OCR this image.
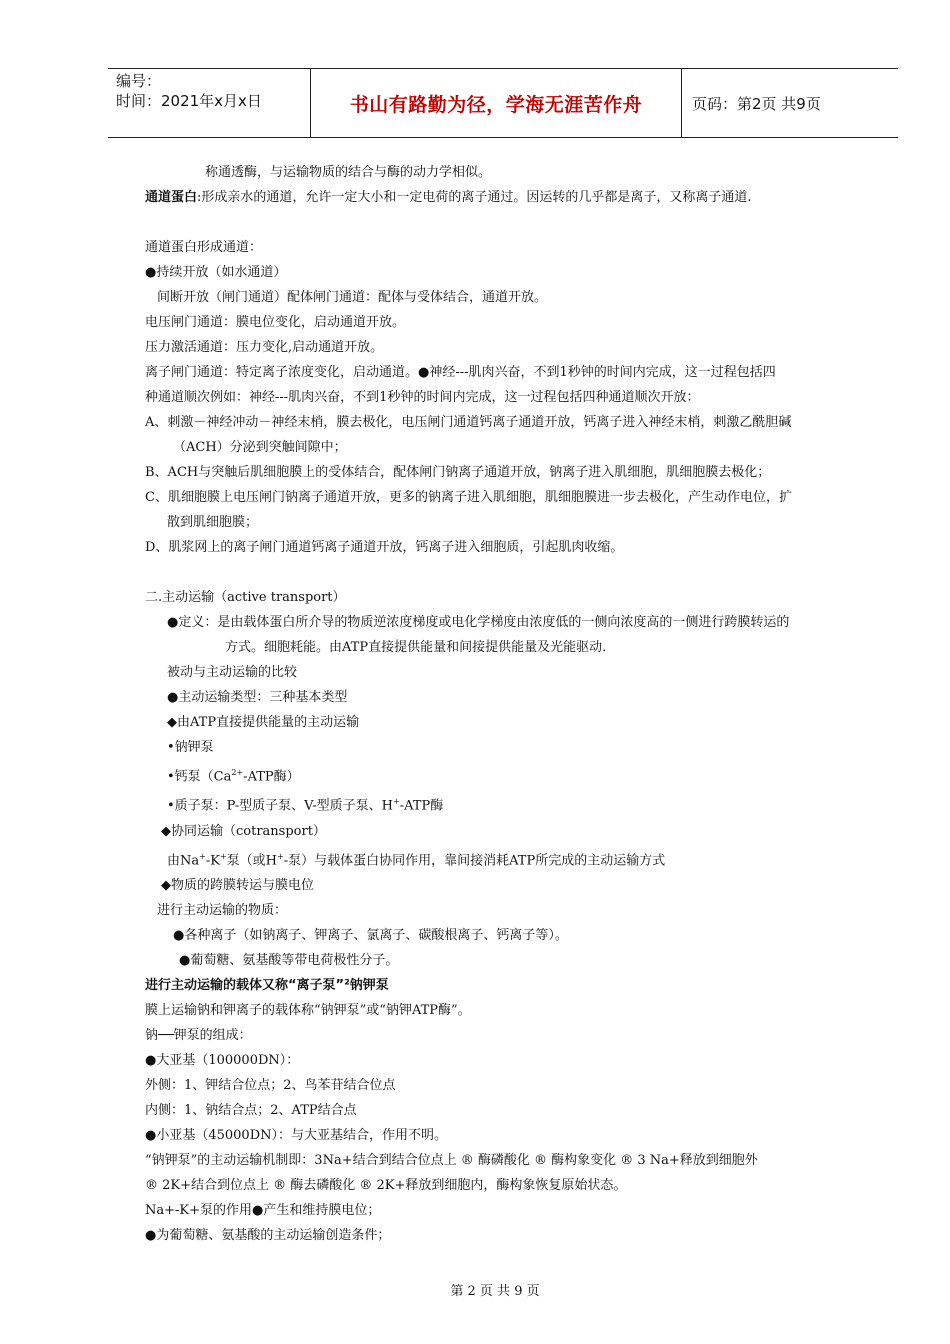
编号：
时间：2021年x月x日	书山有路勤为径，学海无涯苦作舟	页码：第2页 共9页
称通透酶，与运输物质的结合与酶的动力学相似。
通道蛋白:形成亲水的通道，允许一定大小和一定电荷的离子通过。因运转的几乎都是离子，又称离子通道.
通道蛋白形成通道：
●持续开放（如水通道）
间断开放（闸门通道）配体闸门通道：配体与受体结合，通道开放。
电压闸门通道：膜电位变化，启动通道开放。
压力激活通道：压力变化,启动通道开放。
离子闸门通道：特定离子浓度变化，启动通道。●神经---肌肉兴奋，不到1秒钟的时间内完成，这一过程包括四
种通道顺次例如：神经---肌肉兴奋，不到1秒钟的时间内完成，这一过程包括四种通道顺次开放：
A、刺激－神经冲动－神经末梢，膜去极化，电压闸门通道钙离子通道开放，钙离子进入神经末梢，刺激乙酰胆碱
（ACH）分泌到突触间隙中；
B、ACH与突触后肌细胞膜上的受体结合，配体闸门钠离子通道开放，钠离子进入肌细胞，肌细胞膜去极化；
C、肌细胞膜上电压闸门钠离子通道开放，更多的钠离子进入肌细胞，肌细胞膜进一步去极化，产生动作电位，扩
散到肌细胞膜；
D、肌浆网上的离子闸门通道钙离子通道开放，钙离子进入细胞质，引起肌肉收缩。
二.主动运输（active transport）
●定义：是由载体蛋白所介导的物质逆浓度梯度或电化学梯度由浓度低的一侧向浓度高的一侧进行跨膜转运的
方式。细胞耗能。由ATP直接提供能量和间接提供能量及光能驱动.
被动与主动运输的比较
●主动运输类型：三种基本类型
◆由ATP直接提供能量的主动运输
•钠钾泵
•钙泵（$Ca^{2+}$-ATP酶）
•质子泵：P-型质子泵、V-型质子泵、H+-ATP酶
◆协同运输（cotransport）
由Na+-K+泵（或H+-泵）与载体蛋白协同作用，靠间接消耗ATP所完成的主动运输方式
◆物质的跨膜转运与膜电位
进行主动运输的物质：
●各种离子（如钠离子、钾离子、氯离子、碳酸根离子、钙离子等）。
●葡萄糖、氨基酸等带电荷极性分子。
进行主动运输的载体又称“离子泵”²钠钾泵
膜上运输钠和钾离子的载体称“钠钾泵”或“钠钾ATP酶”。
钠──钾泵的组成：
●大亚基（100000DN）：
外侧：1、钾结合位点；2、鸟苯苷结合位点
内侧：1、钠结合点；2、ATP结合点
●小亚基（45000DN）：与大亚基结合，作用不明。
“钠钾泵”的主动运输机制即：3Na+结合到结合位点上 ® 酶磷酸化 ® 酶构象变化 ® 3 Na+释放到细胞外
® 2K+结合到位点上 ® 酶去磷酸化 ® 2K+释放到细胞内，酶构象恢复原始状态。
Na+-K+泵的作用●产生和维持膜电位；
●为葡萄糖、氨基酸的主动运输创造条件；
第 2 页 共 9 页
